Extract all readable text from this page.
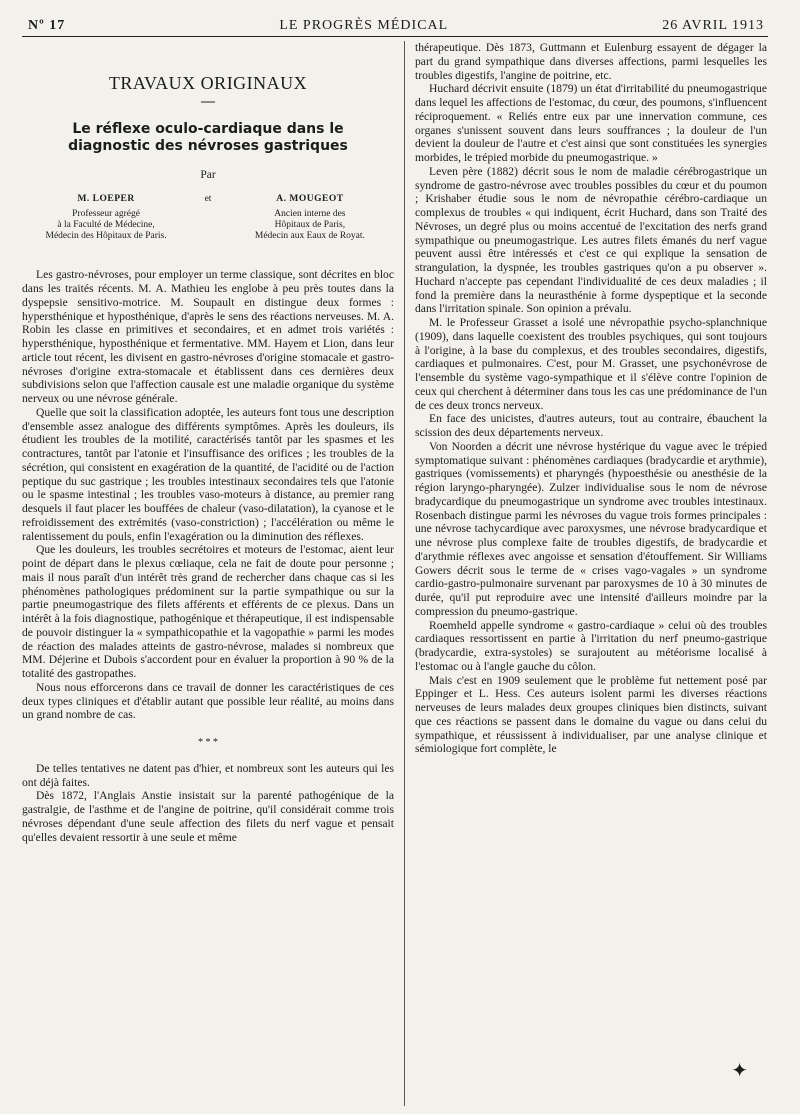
Nº 17	LE PROGRÈS MÉDICAL	26 AVRIL 1913
TRAVAUX ORIGINAUX
—
Le réflexe oculo-cardiaque dans le diagnostic des névroses gastriques
Par
M. LOEPER
Professeur agrégé
à la Faculté de Médecine,
Médecin des Hôpitaux de Paris.
et	A. MOUGEOT
Ancien interne des
Hôpitaux de Paris,
Médecin aux Eaux de Royat.

Les gastro-névroses, pour employer un terme classique, sont décrites en bloc dans les traités récents. M. A. Mathieu les englobe à peu près toutes dans la dyspepsie sensitivo-motrice. M. Soupault en distingue deux formes : hypersthénique et hyposthénique, d'après le sens des réactions nerveuses. M. A. Robin les classe en primitives et secondaires, et en admet trois variétés : hypersthénique, hyposthénique et fermentative. MM. Hayem et Lion, dans leur article tout récent, les divisent en gastro-névroses d'origine stomacale et gastro-névroses d'origine extra-stomacale et établissent dans ces dernières deux subdivisions selon que l'affection causale est une maladie organique du système nerveux ou une névrose générale.

Quelle que soit la classification adoptée, les auteurs font tous une description d'ensemble assez analogue des différents symptômes. Après les douleurs, ils étudient les troubles de la motilité, caractérisés tantôt par les spasmes et les contractures, tantôt par l'atonie et l'insuffisance des orifices ; les troubles de la sécrétion, qui consistent en exagération de la quantité, de l'acidité ou de l'action peptique du suc gastrique ; les troubles intestinaux secondaires tels que l'atonie ou le spasme intestinal ; les troubles vaso-moteurs à distance, au premier rang desquels il faut placer les bouffées de chaleur (vaso-dilatation), la cyanose et le refroidissement des extrémités (vaso-constriction) ; l'accélération ou même le ralentissement du pouls, enfin l'exagération ou la diminution des réflexes.

Que les douleurs, les troubles secrétoires et moteurs de l'estomac, aient leur point de départ dans le plexus cœliaque, cela ne fait de doute pour personne ; mais il nous paraît d'un intérêt très grand de rechercher dans chaque cas si les phénomènes pathologiques prédominent sur la partie sympathique ou sur la partie pneumogastrique des filets afférents et efférents de ce plexus. Dans un intérêt à la fois diagnostique, pathogénique et thérapeutique, il est indispensable de pouvoir distinguer la « sympathicopathie et la vagopathie » parmi les modes de réaction des malades atteints de gastro-névrose, malades si nombreux que MM. Déjerine et Dubois s'accordent pour en évaluer la proportion à 90 % de la totalité des gastropathes.

Nous nous efforcerons dans ce travail de donner les caractéristiques de ces deux types cliniques et d'établir autant que possible leur réalité, au moins dans un grand nombre de cas.

* * *

De telles tentatives ne datent pas d'hier, et nombreux sont les auteurs qui les ont déjà faites.

Dès 1872, l'Anglais Anstie insistait sur la parenté pathogénique de la gastralgie, de l'asthme et de l'angine de poitrine, qu'il considérait comme trois névroses dépendant d'une seule affection des filets du nerf vague et pensait qu'elles devaient ressortir à une seule et même

thérapeutique. Dès 1873, Guttmann et Eulenburg essayent de dégager la part du grand sympathique dans diverses affections, parmi lesquelles les troubles digestifs, l'angine de poitrine, etc.

Huchard décrivit ensuite (1879) un état d'irritabilité du pneumogastrique dans lequel les affections de l'estomac, du cœur, des poumons, s'influencent réciproquement. « Reliés entre eux par une innervation commune, ces organes s'unissent souvent dans leurs souffrances ; la douleur de l'un devient la douleur de l'autre et c'est ainsi que sont constituées les synergies morbides, le trépied morbide du pneumogastrique. »

Leven père (1882) décrit sous le nom de maladie cérébrogastrique un syndrome de gastro-névrose avec troubles possibles du cœur et du poumon ; Krishaber étudie sous le nom de névropathie cérébro-cardiaque un complexus de troubles « qui indiquent, écrit Huchard, dans son Traité des Névroses, un degré plus ou moins accentué de l'excitation des nerfs grand sympathique ou pneumogastrique. Les autres filets émanés du nerf vague peuvent aussi être intéressés et c'est ce qui explique la sensation de strangulation, la dyspnée, les troubles gastriques qu'on a pu observer ». Huchard n'accepte pas cependant l'individualité de ces deux maladies ; il fond la première dans la neurasthénie à forme dyspeptique et la seconde dans l'irritation spinale. Son opinion a prévalu.

M. le Professeur Grasset a isolé une névropathie psycho-splanchnique (1909), dans laquelle coexistent des troubles psychiques, qui sont toujours à l'origine, à la base du complexus, et des troubles secondaires, digestifs, cardiaques et pulmonaires. C'est, pour M. Grasset, une psychonévrose de l'ensemble du système vago-sympathique et il s'élève contre l'opinion de ceux qui cherchent à déterminer dans tous les cas une prédominance de l'un de ces deux troncs nerveux.

En face des unicistes, d'autres auteurs, tout au contraire, ébauchent la scission des deux départements nerveux.

Von Noorden a décrit une névrose hystérique du vague avec le trépied symptomatique suivant : phénomènes cardiaques (bradycardie et arythmie), gastriques (vomissements) et pharyngés (hypoesthésie ou anesthésie de la région laryngo-pharyngée). Zulzer individualise sous le nom de névrose bradycardique du pneumogastrique un syndrome avec troubles intestinaux. Rosenbach distingue parmi les névroses du vague trois formes principales : une névrose tachycardique avec paroxysmes, une névrose bradycardique et une névrose plus complexe faite de troubles digestifs, de bradycardie et d'arythmie réflexes avec angoisse et sensation d'étouffement. Sir Williams Gowers décrit sous le terme de « crises vago-vagales » un syndrome cardio-gastro-pulmonaire survenant par paroxysmes de 10 à 30 minutes de durée, qu'il put reproduire avec une intensité d'ailleurs moindre par la compression du pneumo-gastrique.

Roemheld appelle syndrome « gastro-cardiaque » celui où des troubles cardiaques ressortissent en partie à l'irritation du nerf pneumo-gastrique (bradycardie, extra-systoles) se surajoutent au météorisme localisé à l'estomac ou à l'angle gauche du côlon.

Mais c'est en 1909 seulement que le problème fut nettement posé par Eppinger et L. Hess. Ces auteurs isolent parmi les diverses réactions nerveuses de leurs malades deux groupes cliniques bien distincts, suivant que ces réactions se passent dans le domaine du vague ou dans celui du sympathique, et réussissent à individualiser, par une analyse clinique et sémiologique fort complète, le

✦
